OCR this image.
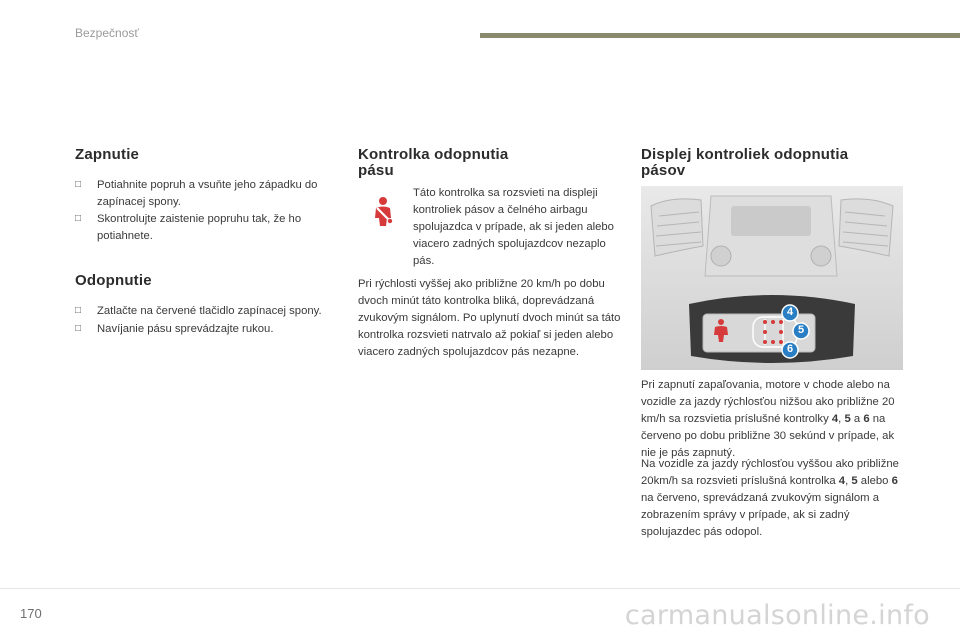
Bezpečnosť
Zapnutie
□ Potiahnite popruh a vsuňte jeho západku do zapínacej spony.
□ Skontrolujte zaistenie popruhu tak, že ho potiahnete.
Odopnutie
□ Zatlačte na červené tlačidlo zapínacej spony.
□ Navíjanie pásu sprevádzajte rukou.
Kontrolka odopnutia
pásu
Táto kontrolka sa rozsvieti na displeji kontroliek pásov a čelného airbagu spolujazdca v prípade, ak si jeden alebo viacero zadných spolujazdcov nezaplo pás.
Pri rýchlosti vyššej ako približne 20 km/h po dobu dvoch minút táto kontrolka bliká, doprevádzaná zvukovým signálom. Po uplynutí dvoch minút sa táto kontrolka rozsvieti natrvalo až pokiaľ si jeden alebo viacero zadných spolujazdcov pás nezapne.
Displej kontroliek odopnutia
pásov
4
5
6
Pri zapnutí zapaľovania, motore v chode alebo na vozidle za jazdy rýchlosťou nižšou ako približne 20 km/h sa rozsvietia príslušné kontrolky 4, 5 a 6 na červeno po dobu približne 30 sekúnd v prípade, ak nie je pás zapnutý.
Na vozidle za jazdy rýchlosťou vyššou ako približne 20km/h sa rozsvieti príslušná kontrolka 4, 5 alebo 6 na červeno, sprevádzaná zvukovým signálom a zobrazením správy v prípade, ak si zadný spolujazdec pás odopol.
170	carmanualsonline.info
